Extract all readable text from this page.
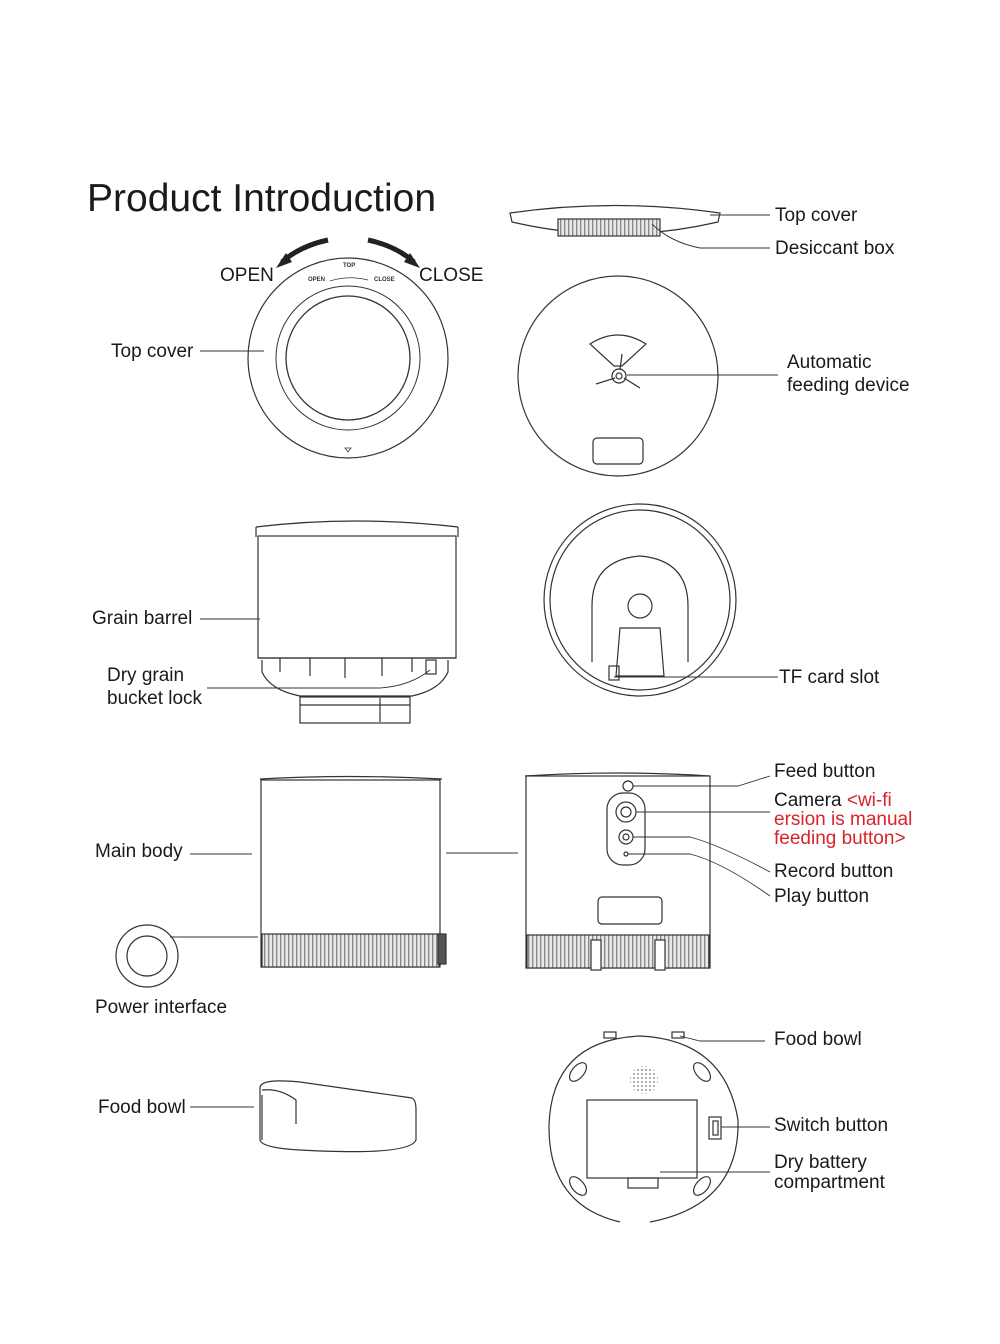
Product Introduction
OPEN	CLOSE
OPEN
TOP
CLOSE
Top cover
Grain barrel
Dry grain
bucket lock
Main body
Power interface
Food bowl
Top cover
Desiccant box
Automatic
feeding device
TF card slot
Feed button
Camera <wi-fi
ersion is manual
feeding button>
Record button
Play button
Food bowl
Switch button
Dry battery
compartment
